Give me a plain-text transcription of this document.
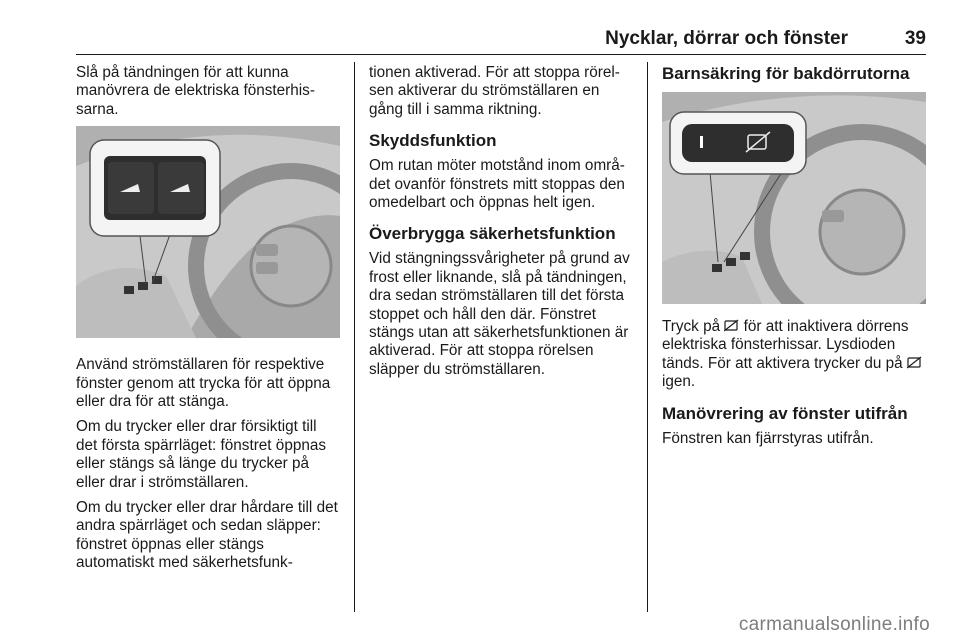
Nycklar, dörrar och fönster	39

Slå på tändningen för att kunna manövrera de elektriska fönsterhissarna.

Använd strömställaren för respektive fönster genom att trycka för att öppna eller dra för att stänga.

Om du trycker eller drar försiktigt till det första spärrläget: fönstret öppnas eller stängs så länge du trycker på eller drar i strömställaren.

Om du trycker eller drar hårdare till det andra spärrläget och sedan släpper: fönstret öppnas eller stängs automatiskt med säkerhetsfunk-

tionen aktiverad. För att stoppa rörelsen aktiverar du strömställaren en gång till i samma riktning.

Skyddsfunktion

Om rutan möter motstånd inom området ovanför fönstrets mitt stoppas den omedelbart och öppnas helt igen.

Överbrygga säkerhetsfunktion

Vid stängningssvårigheter på grund av frost eller liknande, slå på tändningen, dra sedan strömställaren till det första stoppet och håll den där. Fönstret stängs utan att säkerhetsfunktionen är aktiverad. För att stoppa rörelsen släpper du strömställaren.

Barnsäkring för bakdörrutorna

Tryck på för att inaktivera dörrens elektriska fönsterhissar. Lysdioden tänds. För att aktivera trycker du på  igen.

Manövrering av fönster utifrån

Fönstren kan fjärrstyras utifrån.

carmanualsonline.info
